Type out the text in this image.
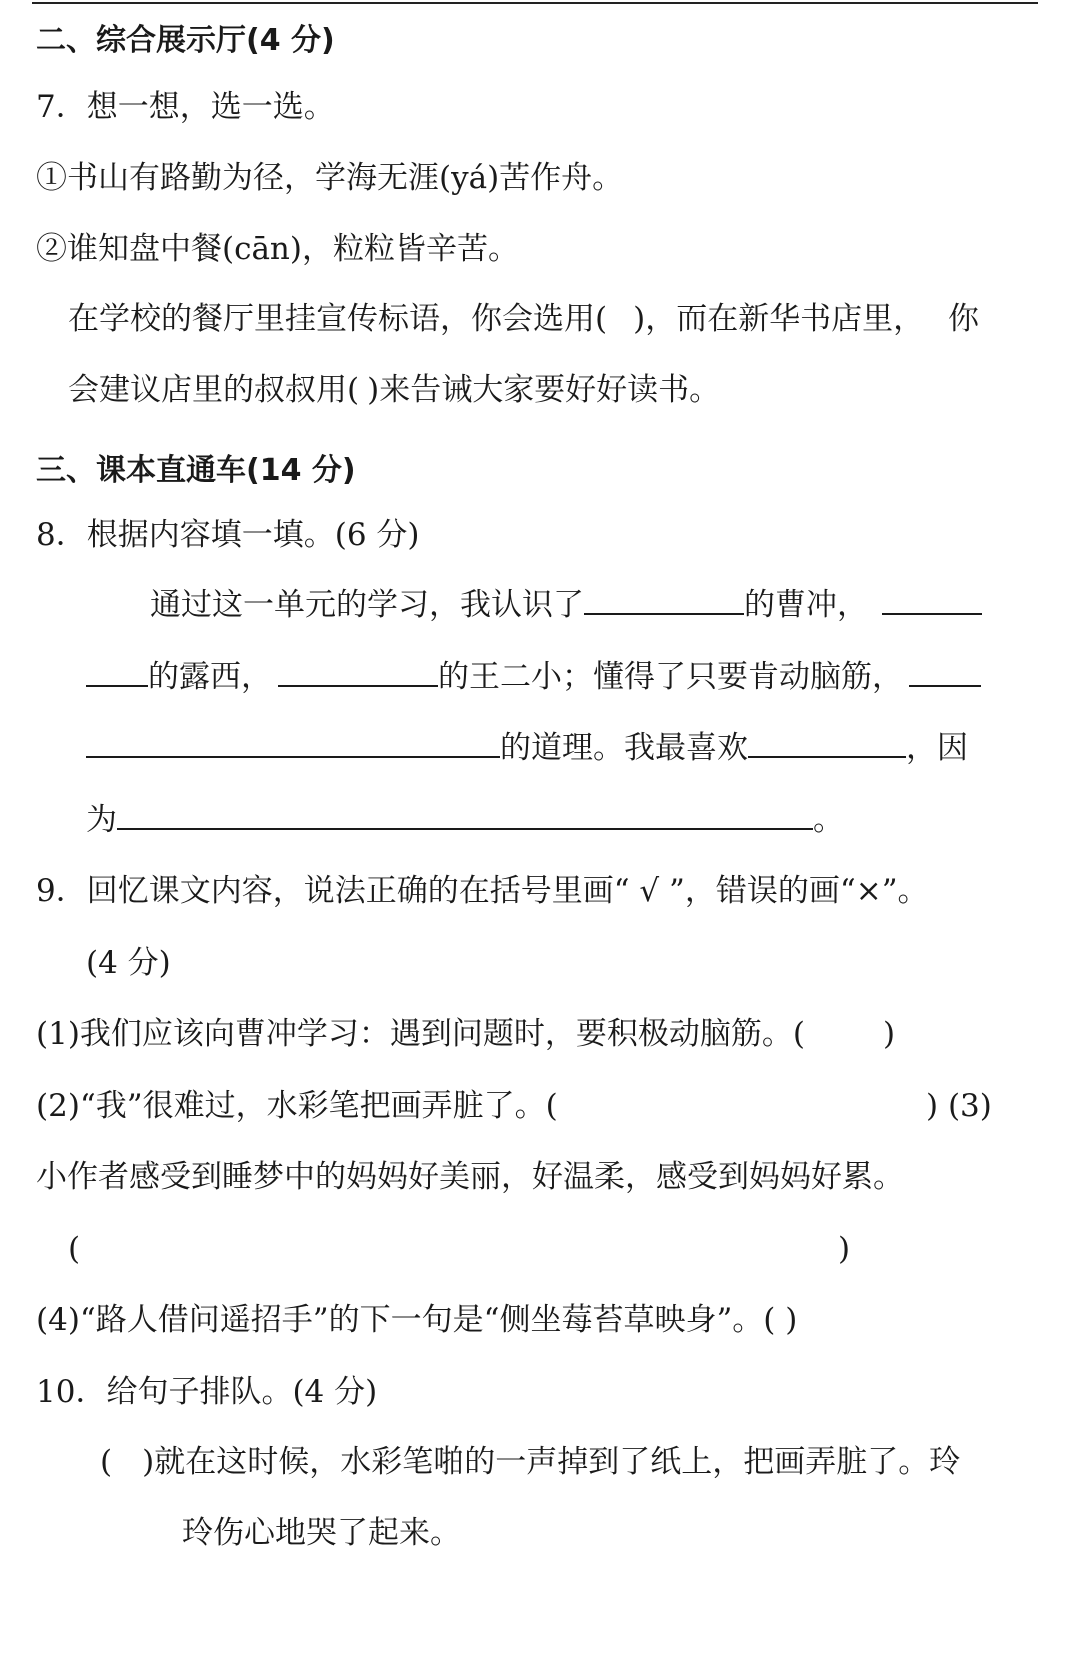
二、综合展示厅(4 分)
7．想一想，选一选。
①书山有路勤为径，学海无涯(yá)苦作舟。
②谁知盘中餐(cān)，粒粒皆辛苦。
在学校的餐厅里挂宣传标语，你会选用( )，而在新华书店里， 你
会建议店里的叔叔用( )来告诫大家要好好读书。
三、课本直通车(14 分)
8．根据内容填一填。(6 分)
通过这一单元的学习，我认识了	的曹冲，
的露西，	的王二小；懂得了只要肯动脑筋，
的道理。我最喜欢	，因
为	。
9．回忆课文内容，说法正确的在括号里画“ √ ”，错误的画“×”。
(4 分)
(1)我们应该向曹冲学习：遇到问题时，要积极动脑筋。(	)
(2)“我”很难过，水彩笔把画弄脏了。(	) (3)
小作者感受到睡梦中的妈妈好美丽，好温柔，感受到妈妈好累。
(	)
(4)“路人借问遥招手”的下一句是“侧坐莓苔草映身”。( )
10．给句子排队。(4 分)
( )就在这时候，水彩笔啪的一声掉到了纸上，把画弄脏了。玲
玲伤心地哭了起来。
